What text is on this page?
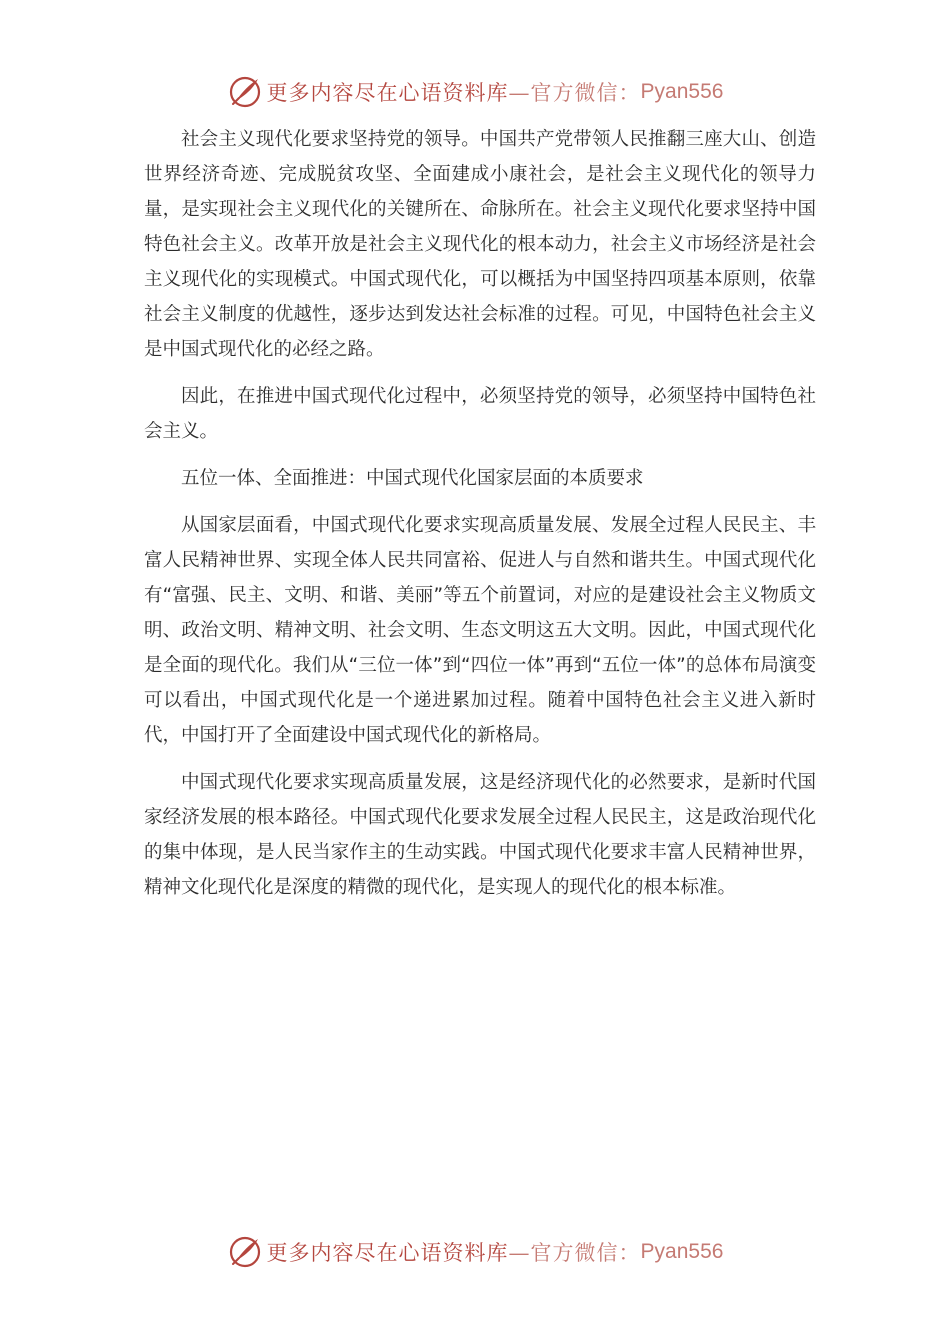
更多内容尽在心语资料库 —官方微信： Pyan556

社会主义现代化要求坚持党的领导。中国共产党带领人民推翻三座大山、创造世界经济奇迹、完成脱贫攻坚、全面建成小康社会，是社会主义现代化的领导力量，是实现社会主义现代化的关键所在、命脉所在。社会主义现代化要求坚持中国特色社会主义。改革开放是社会主义现代化的根本动力，社会主义市场经济是社会主义现代化的实现模式。中国式现代化，可以概括为中国坚持四项基本原则，依靠社会主义制度的优越性，逐步达到发达社会标准的过程。可见，中国特色社会主义是中国式现代化的必经之路。

因此，在推进中国式现代化过程中，必须坚持党的领导，必须坚持中国特色社会主义。

五位一体、全面推进：中国式现代化国家层面的本质要求

从国家层面看，中国式现代化要求实现高质量发展、发展全过程人民民主、丰富人民精神世界、实现全体人民共同富裕、促进人与自然和谐共生。中国式现代化有“富强、民主、文明、和谐、美丽”等五个前置词，对应的是建设社会主义物质文明、政治文明、精神文明、社会文明、生态文明这五大文明。因此，中国式现代化是全面的现代化。我们从“三位一体”到“四位一体”再到“五位一体”的总体布局演变可以看出，中国式现代化是一个递进累加过程。随着中国特色社会主义进入新时代，中国打开了全面建设中国式现代化的新格局。

中国式现代化要求实现高质量发展，这是经济现代化的必然要求，是新时代国家经济发展的根本路径。中国式现代化要求发展全过程人民民主，这是政治现代化的集中体现，是人民当家作主的生动实践。中国式现代化要求丰富人民精神世界，精神文化现代化是深度的精微的现代化，是实现人的现代化的根本标准。

更多内容尽在心语资料库 —官方微信： Pyan556
